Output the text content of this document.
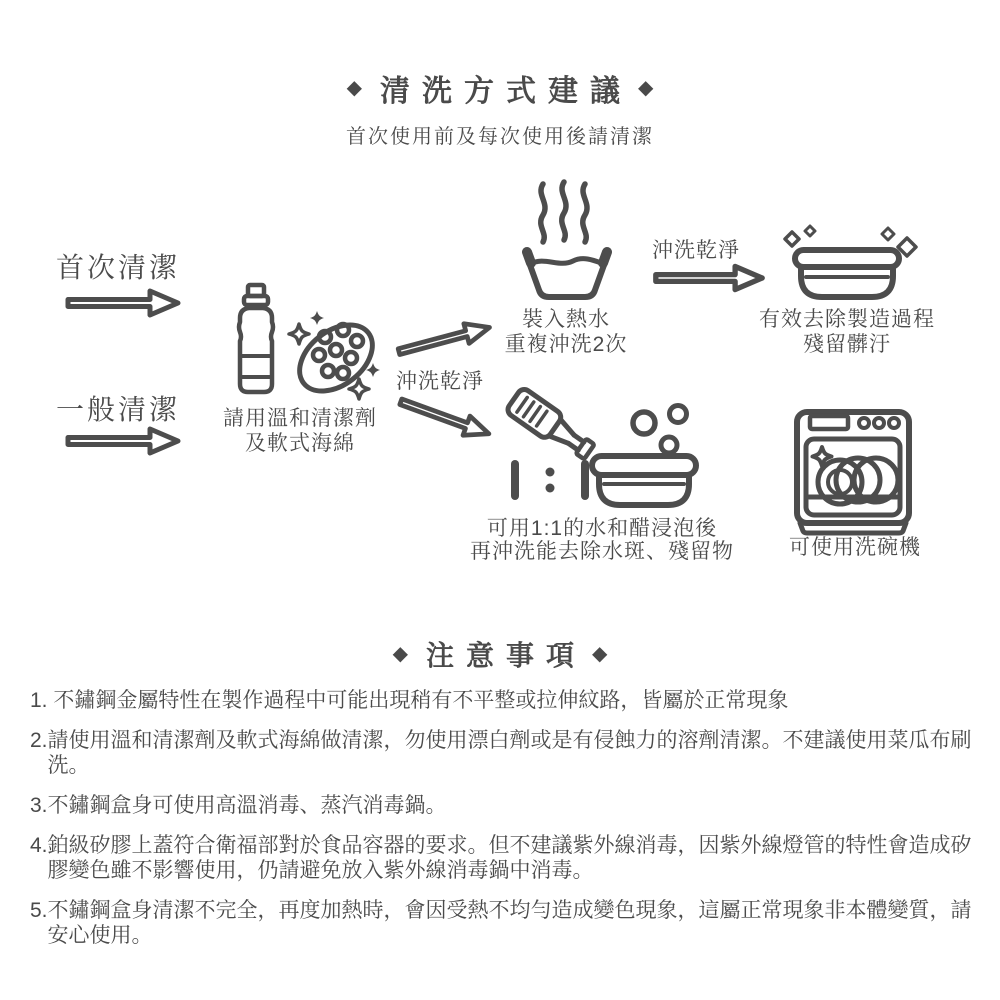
◆ 清洗方式建議 ◆
首次使用前及每次使用後請清潔
首次清潔
一般清潔	請用溫和清潔劑
及軟式海綿
沖洗乾淨
裝入熱水
重複沖洗2次
沖洗乾淨
有效去除製造過程
殘留髒汙
可用1:1的水和醋浸泡後
再沖洗能去除水斑、殘留物	可使用洗碗機
◆ 注意事項 ◆
1. 不鏽鋼金屬特性在製作過程中可能出現稍有不平整或拉伸紋路，皆屬於正常現象
2. 請使用溫和清潔劑及軟式海綿做清潔，勿使用漂白劑或是有侵蝕力的溶劑清潔。不建議使用菜瓜布刷洗。
3. 不鏽鋼盒身可使用高溫消毒、蒸汽消毒鍋。
4. 鉑級矽膠上蓋符合衛福部對於食品容器的要求。但不建議紫外線消毒，因紫外線燈管的特性會造成矽膠變色雖不影響使用，仍請避免放入紫外線消毒鍋中消毒。
5. 不鏽鋼盒身清潔不完全，再度加熱時，會因受熱不均勻造成變色現象，這屬正常現象非本體變質，請安心使用。
